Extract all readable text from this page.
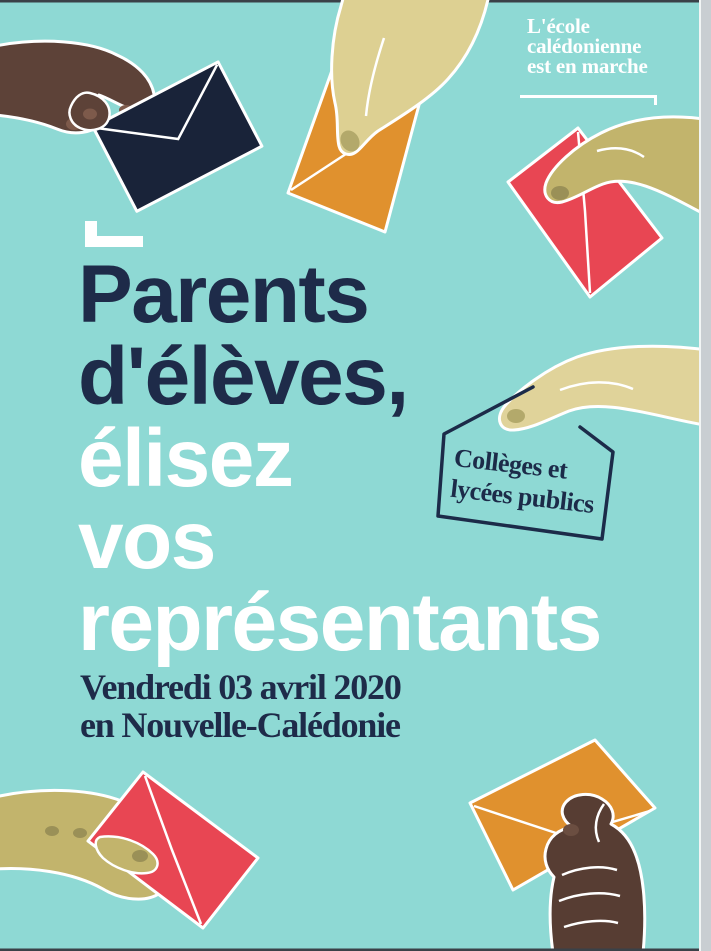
L'école
calédonienne
est en marche
Parents
d'élèves,
élisez
vos
représentants
Collèges et
lycées publics
Vendredi 03 avril 2020
en Nouvelle-Calédonie
